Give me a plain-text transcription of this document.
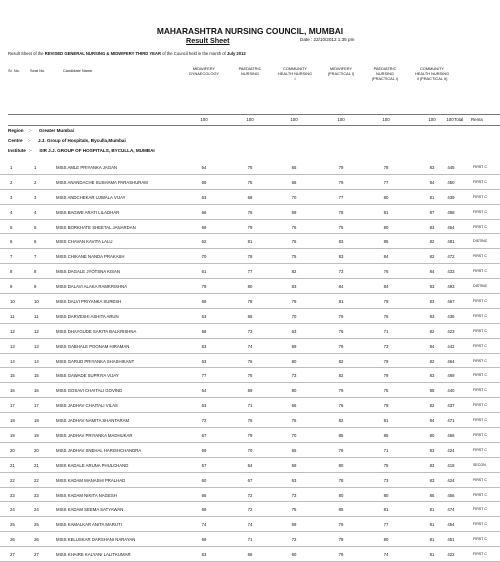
MAHARASHTRA NURSING COUNCIL, MUMBAI
Result Sheet	Date : 22/10/2012 1:35 pm
Result Sheet of the REVISED GENERAL NURSING & MIDWIFERY THIRD YEAR of the Council held in the month of July 2012
Sr. No.	Seat No.	Candidate Name	MIDWIFERY
GYNAECOLOGY
PAEDIATRIC
NURSING
COMMUNITY
HEALTH NURSING
I
MIDWIFERY
(PRACTICAL I)
PAEDIATRIC
NURSING
(PRACTICAL I)
COMMUNITY
HEALTH NURSING
II (PRACTICAL II)
100	100	100	100	100	100	100 Total Rema
Region :- Greater Mumbai
Centre :- J.J. Group of Hospitals, Byculla,Mumbai
Institute :- SIR J.J. GROUP OF HOSPITALS, BYCULLA, MUMBAI
1	1	MISS AMLE PRIYANKA JAGAN	64	75	65	79	78	83	445	FIRST C
2	2	MISS ANANDACHE SUSHAMA PARASHURAM	69	75	66	79	77	84	450	FIRST C
3	3	MISS ANDCHEKAR UJWALA VIJAY	63	68	70	77	80	81	439	FIRST C
4	4	MISS BAGWE ARATI LILADHAR	66	76	69	78	81	87	458	FIRST C
5	5	MISS BORKHATE SHEETAL JANARDAN	69	79	76	75	80	83	464	FIRST C
6	6	MISS CHAVAN KAVITA LALU	62	81	76	83	85	82	481	DISTINC
7	7	MISS CHIKANE NANDA PRAKASH	70	78	75	83	84	82	472	FIRST C
8	8	MISS DAGALE JYOTSNA KISAN	61	77	82	73	76	84	433	FIRST C
9	9	MISS DALAVI ALAKA RAMKRISHNA	79	80	83	84	84	83	493	DISTINC
10	10	MISS DALVI PRIYANKA SURESH	69	78	79	81	79	83	467	FIRST C
11	11	MISS DARVESHI ASHITA ARUN	63	65	70	79	76	83	436	FIRST C
12	12	MISS DHAYGUDE SARITA BALKRISHNA	58	73	63	76	71	82	423	FIRST C
13	13	MISS GABHALE POONAM HIRAMAN	63	74	69	79	73	84	442	FIRST C
14	14	MISS GARUD PRIYANKA SHASHIKANT	63	76	80	82	79	82	464	FIRST C
15	15	MISS GAWADE SUPRIYA VIJAY	77	75	73	82	79	83	469	FIRST C
16	16	MISS GOSAVI CHAITALI GOVIND	64	69	80	79	75	85	440	FIRST C
17	17	MISS JADHAV CHAITALI VILAS	63	71	66	76	79	82	437	FIRST C
18	18	MISS JADHAV NAMITA SHANTARAM	72	76	75	82	81	84	471	FIRST C
19	19	MISS JADHAV PRIYANKA MADHUKAR	67	79	70	85	85	80	466	FIRST C
20	20	MISS JADHAV SNEHAL HARISHCHANDRA	59	70	65	76	71	83	424	FIRST C
21	21	MISS KADALE ARUNA PHULCHAND	57	64	59	80	75	83	418	SECON
22	22	MISS KADAM MANASHI PRALHAD	60	67	63	78	73	83	424	FIRST C
23	23	MISS KADAM NIKITA NAGESH	66	72	73	80	80	85	456	FIRST C
24	24	MISS KADAM SEEMA SATYAWAN	69	72	75	85	81	81	474	FIRST C
25	25	MISS KAMALKAR ANITA MARUTI	74	74	69	79	77	81	454	FIRST C
26	26	MISS KELUSKAR DARSHANI NARAYAN	69	71	72	78	80	81	451	FIRST C
27	27	MISS KHAIRE KALYANI LALITKUMAR	63	66	60	79	74	81	422	FIRST C
